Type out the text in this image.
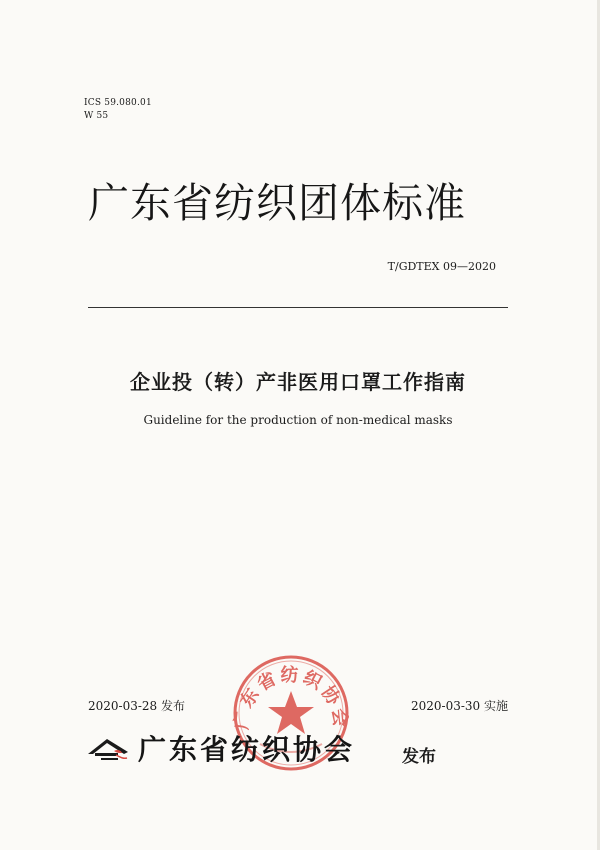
ICS 59.080.01
W 55
广东省纺织团体标准
T/GDTEX 09—2020
企业投（转）产非医用口罩工作指南
Guideline for the production of non-medical masks
广东省纺织协会
2020-03-28 发布	2020-03-30 实施
广东省纺织协会	发布
